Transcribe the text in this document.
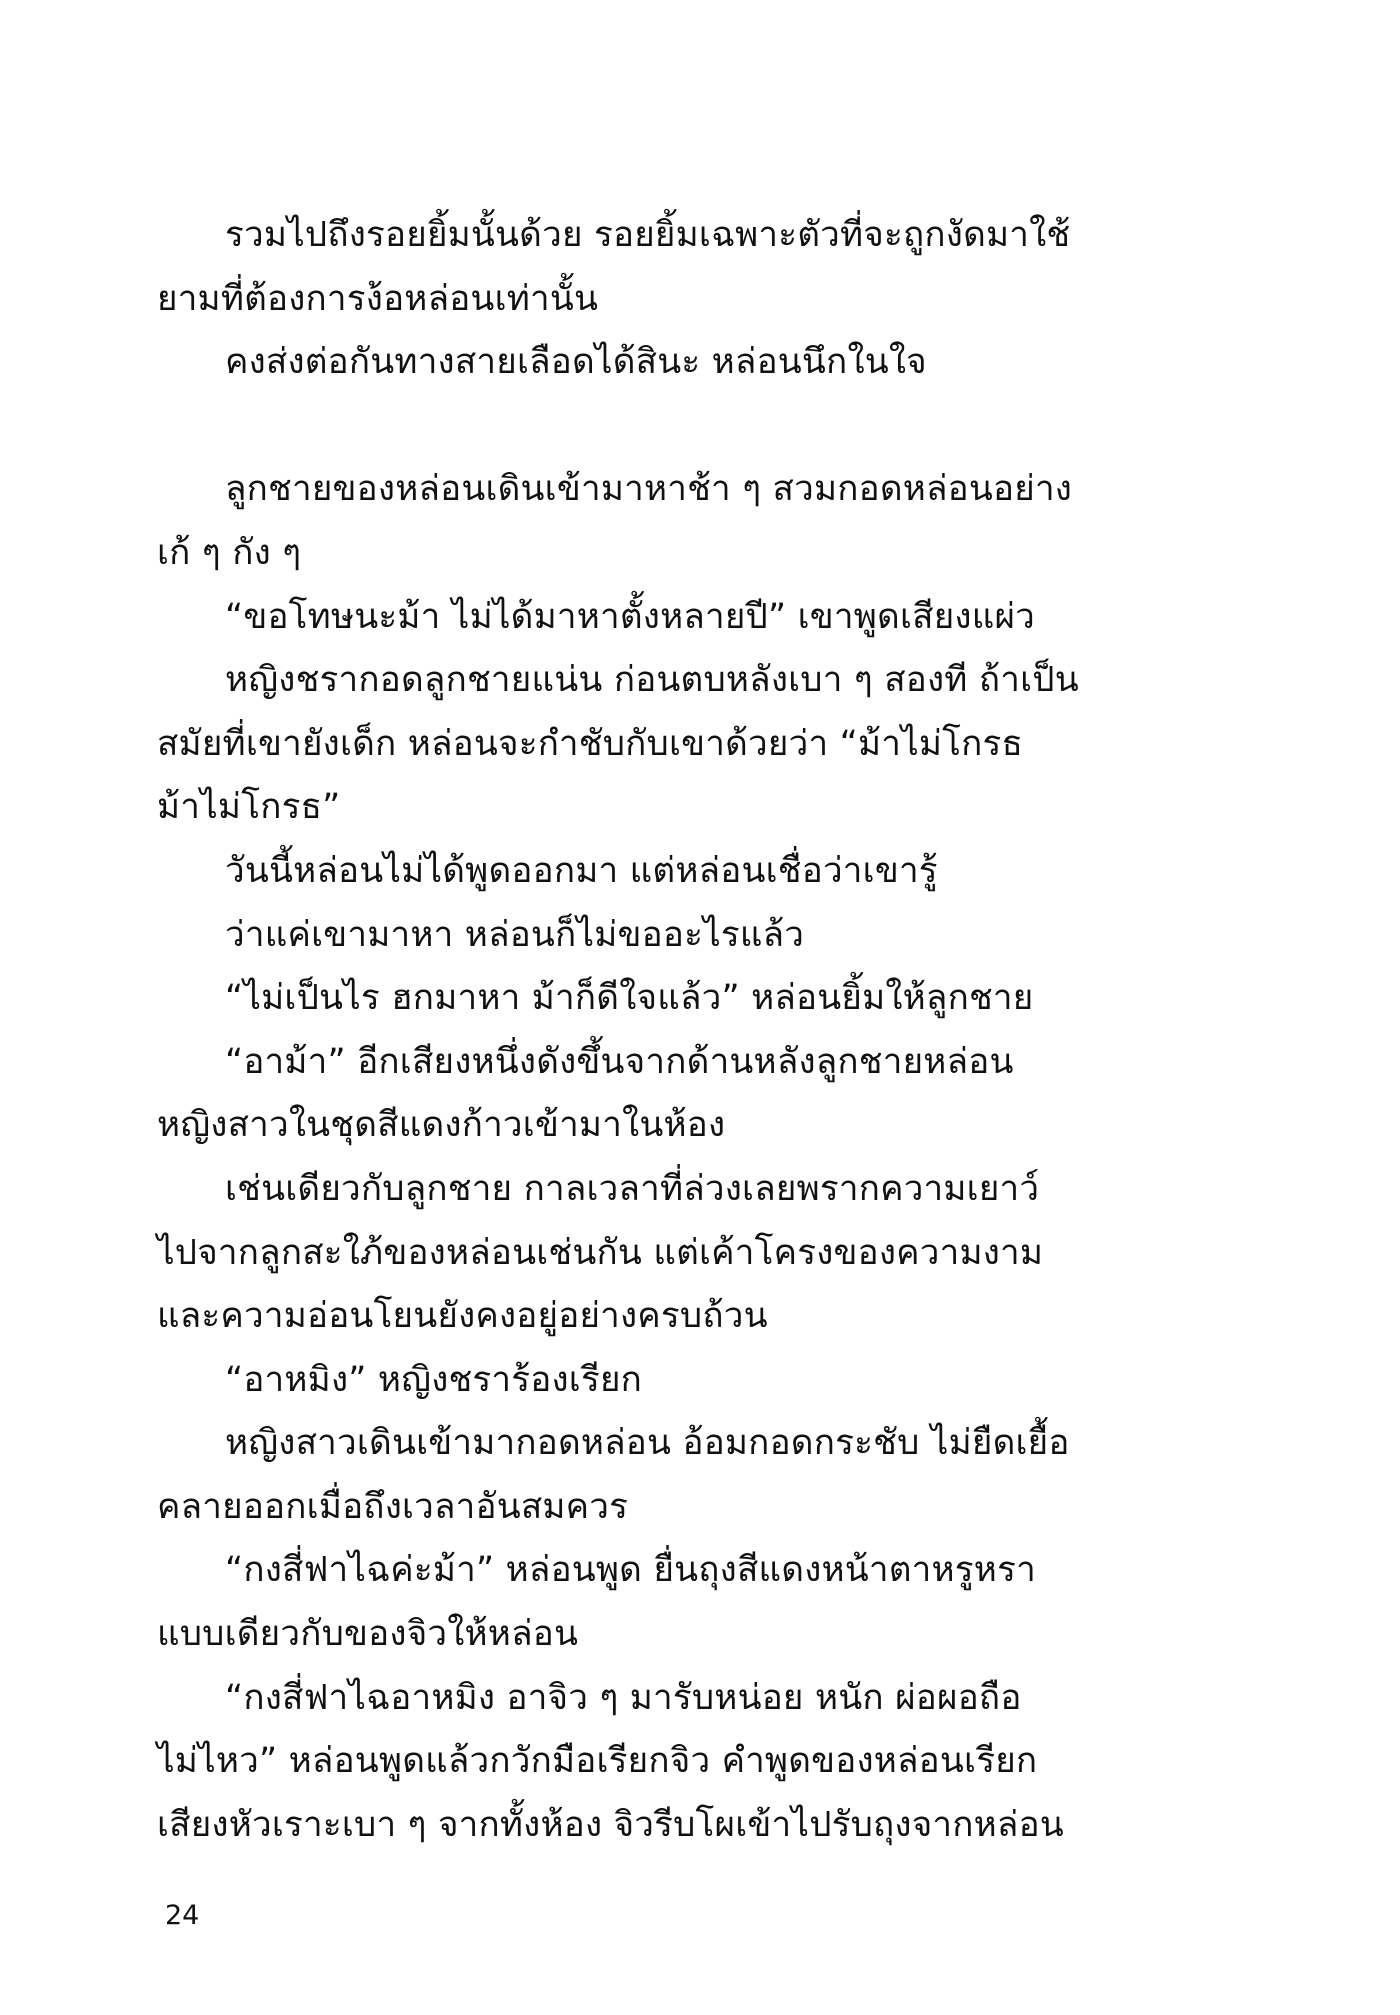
รวมไปถึงรอยยิ้มนั้นด้วย รอยยิ้มเฉพาะตัวที่จะถูกงัดมาใช้
ยามที่ต้องการง้อหล่อนเท่านั้น
คงส่งต่อกันทางสายเลือดได้สินะ หล่อนนึกในใจ
ลูกชายของหล่อนเดินเข้ามาหาช้า ๆ สวมกอดหล่อนอย่าง
เก้ ๆ กัง ๆ
“ขอโทษนะม้า ไม่ได้มาหาตั้งหลายปี” เขาพูดเสียงแผ่ว
หญิงชรากอดลูกชายแน่น ก่อนตบหลังเบา ๆ สองที ถ้าเป็น
สมัยที่เขายังเด็ก หล่อนจะกำชับกับเขาด้วยว่า “ม้าไม่โกรธ
ม้าไม่โกรธ”
วันนี้หล่อนไม่ได้พูดออกมา แต่หล่อนเชื่อว่าเขารู้
ว่าแค่เขามาหา หล่อนก็ไม่ขออะไรแล้ว
“ไม่เป็นไร ฮกมาหา ม้าก็ดีใจแล้ว” หล่อนยิ้มให้ลูกชาย
“อาม้า” อีกเสียงหนึ่งดังขึ้นจากด้านหลังลูกชายหล่อน
หญิงสาวในชุดสีแดงก้าวเข้ามาในห้อง
เช่นเดียวกับลูกชาย กาลเวลาที่ล่วงเลยพรากความเยาว์
ไปจากลูกสะใภ้ของหล่อนเช่นกัน แต่เค้าโครงของความงาม
และความอ่อนโยนยังคงอยู่อย่างครบถ้วน
“อาหมิง” หญิงชราร้องเรียก
หญิงสาวเดินเข้ามากอดหล่อน อ้อมกอดกระชับ ไม่ยืดเยื้อ
คลายออกเมื่อถึงเวลาอันสมควร
“กงสี่ฟาไฉค่ะม้า” หล่อนพูด ยื่นถุงสีแดงหน้าตาหรูหรา
แบบเดียวกับของจิวให้หล่อน
“กงสี่ฟาไฉอาหมิง อาจิว ๆ มารับหน่อย หนัก ผ่อผอถือ
ไม่ไหว” หล่อนพูดแล้วกวักมือเรียกจิว คำพูดของหล่อนเรียก
เสียงหัวเราะเบา ๆ จากทั้งห้อง จิวรีบโผเข้าไปรับถุงจากหล่อน
24
